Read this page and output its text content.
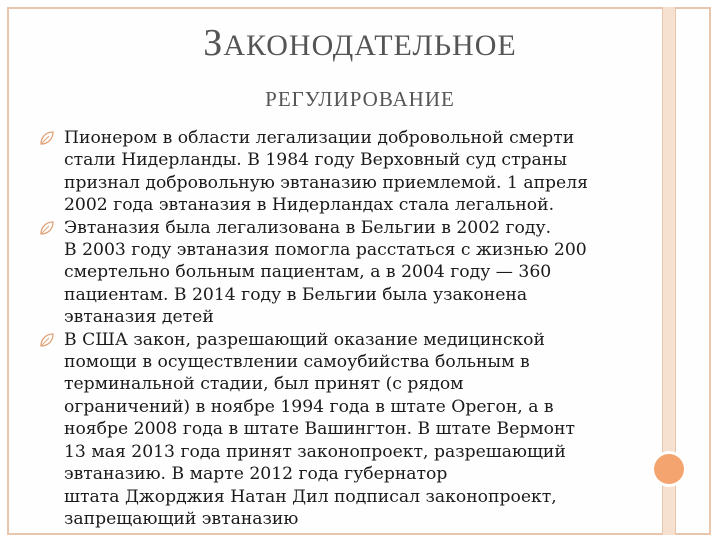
ЗАКОНОДАТЕЛЬНОЕ
РЕГУЛИРОВАНИЕ
Пионером в области легализации добровольной смерти
стали Нидерланды. В 1984 году Верховный суд страны
признал добровольную эвтаназию приемлемой. 1 апреля
2002 года эвтаназия в Нидерландах стала легальной.
Эвтаназия была легализована в Бельгии в 2002 году.
В 2003 году эвтаназия помогла расстаться с жизнью 200
смертельно больным пациентам, а в 2004 году — 360
пациентам. В 2014 году в Бельгии была узаконена
эвтаназия детей
В США закон, разрешающий оказание медицинской
помощи в осуществлении самоубийства больным в
терминальной стадии, был принят (с рядом
ограничений) в ноябре 1994 года в штате Орегон, а в
ноябре 2008 года в штате Вашингтон. В штате Вермонт
13 мая 2013 года принят законопроект, разрешающий
эвтаназию. В марте 2012 года губернатор
штата Джорджия Натан Дил подписал законопроект,
запрещающий эвтаназию
